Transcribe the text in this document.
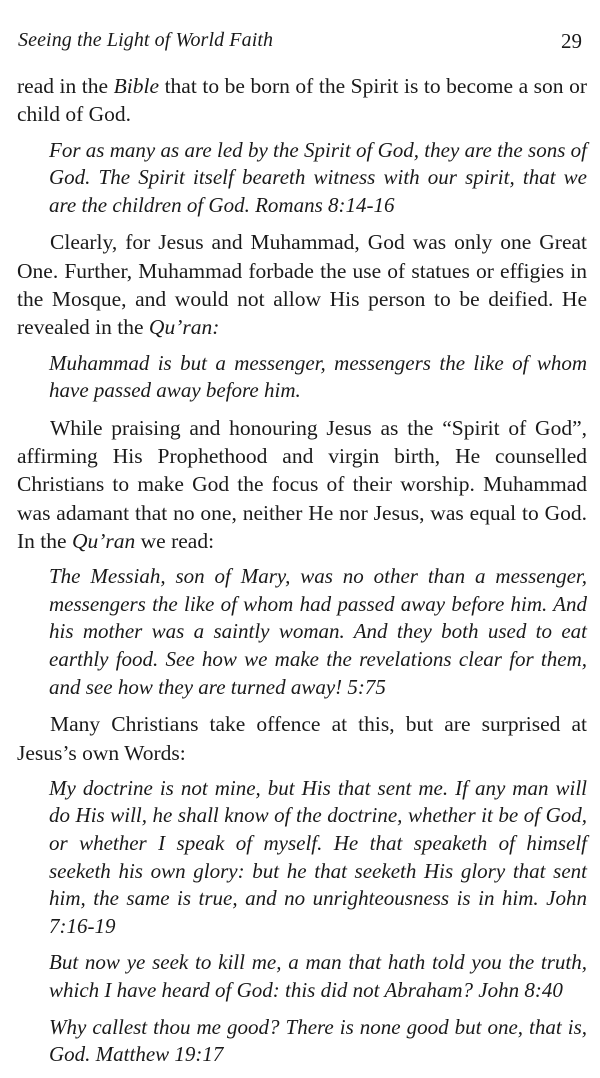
Seeing the Light of World Faith	29

read in the Bible that to be born of the Spirit is to become a son or child of God.

For as many as are led by the Spirit of God, they are the sons of God. The Spirit itself beareth witness with our spirit, that we are the children of God. Romans 8:14-16

Clearly, for Jesus and Muhammad, God was only one Great One. Further, Muhammad forbade the use of statues or effigies in the Mosque, and would not allow His person to be deified. He revealed in the Qu’ran:

Muhammad is but a messenger, messengers the like of whom have passed away before him.

While praising and honouring Jesus as the “Spirit of God”, affirming His Prophethood and virgin birth, He counselled Christians to make God the focus of their worship. Muhammad was adamant that no one, neither He nor Jesus, was equal to God. In the Qu’ran we read:

The Messiah, son of Mary, was no other than a messenger, messengers the like of whom had passed away before him. And his mother was a saintly woman. And they both used to eat earthly food. See how we make the revelations clear for them, and see how they are turned away! 5:75

Many Christians take offence at this, but are surprised at Jesus’s own Words:

My doctrine is not mine, but His that sent me. If any man will do His will, he shall know of the doctrine, whether it be of God, or whether I speak of myself. He that speaketh of himself seeketh his own glory: but he that seeketh His glory that sent him, the same is true, and no unrighteousness is in him. John 7:16-19

But now ye seek to kill me, a man that hath told you the truth, which I have heard of God: this did not Abraham? John 8:40

Why callest thou me good? There is none good but one, that is, God. Matthew 19:17
